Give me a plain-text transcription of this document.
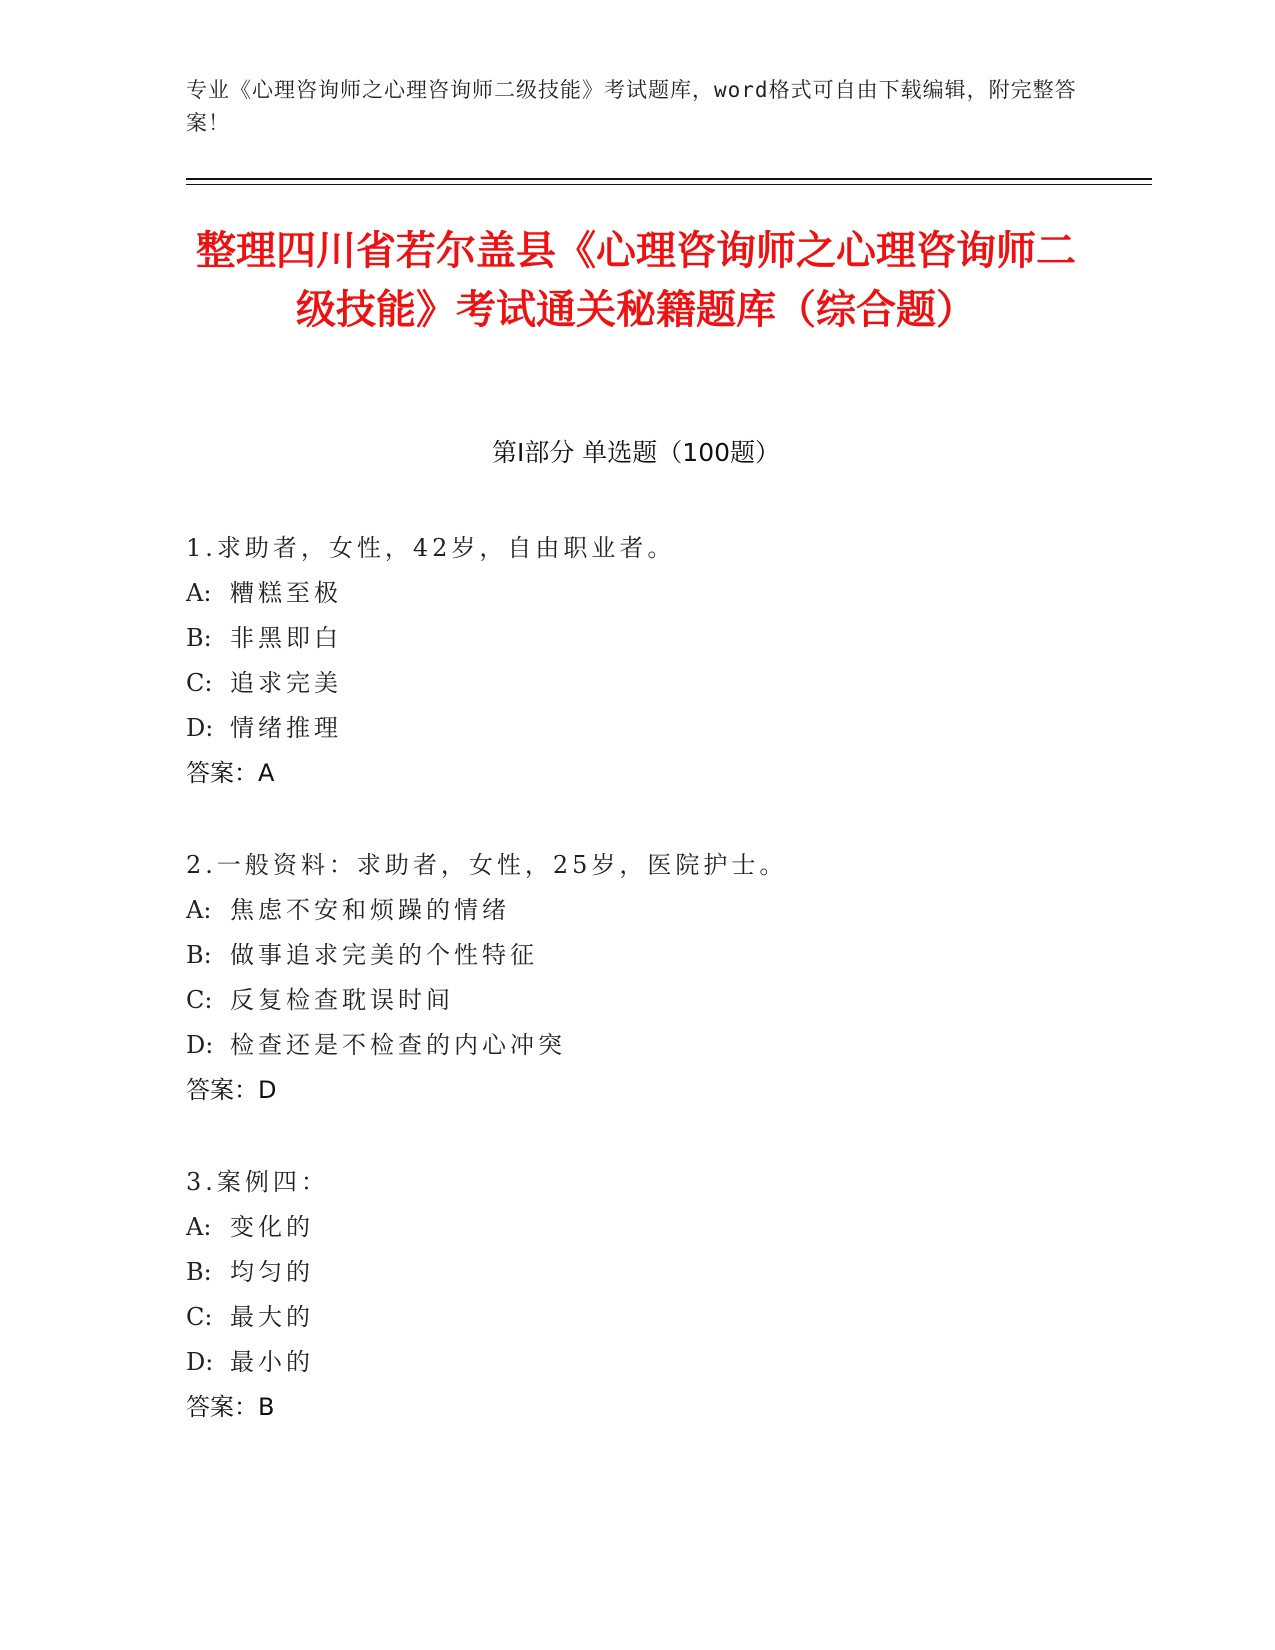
专业《心理咨询师之心理咨询师二级技能》考试题库，word格式可自由下载编辑，附完整答案！
整理四川省若尔盖县《心理咨询师之心理咨询师二级技能》考试通关秘籍题库（综合题）
第Ⅰ部分 单选题（100题）
1.求助者，女性，42岁，自由职业者。
A: 糟糕至极
B: 非黑即白
C: 追求完美
D: 情绪推理
答案：A
2.一般资料：求助者，女性，25岁，医院护士。
A: 焦虑不安和烦躁的情绪
B: 做事追求完美的个性特征
C: 反复检查耽误时间
D: 检查还是不检查的内心冲突
答案：D
3.案例四：
A: 变化的
B: 均匀的
C: 最大的
D: 最小的
答案：B
